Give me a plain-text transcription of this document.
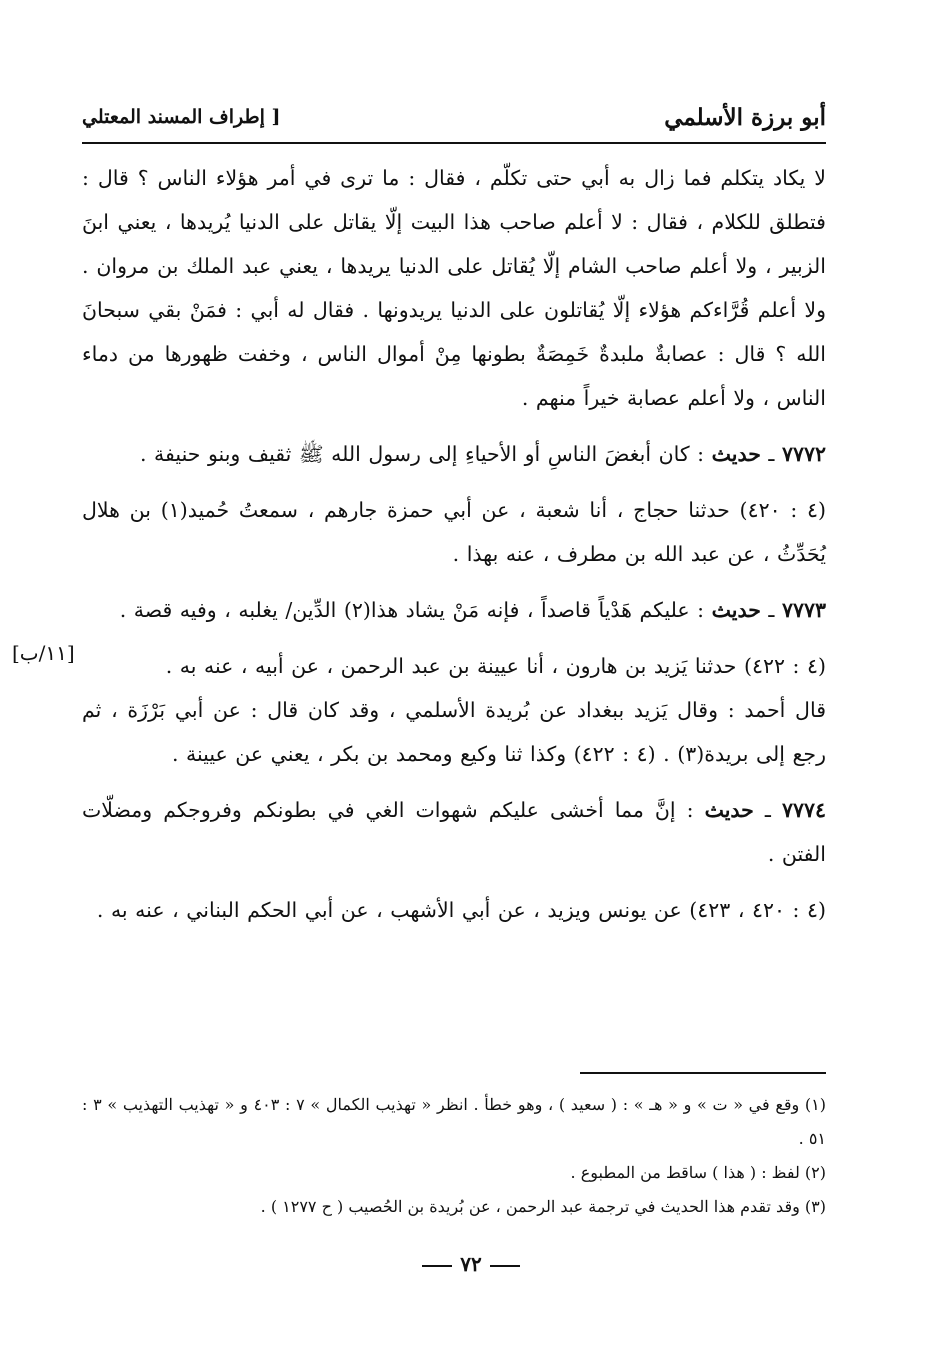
أبو برزة الأسلمي
[ إطراف المسند المعتلي
[١١/ب]

لا يكاد يتكلم فما زال به أبي حتى تكلّم ، فقال : ما ترى في أمر هؤلاء الناس ؟ قال : فتطلق للكلام ، فقال : لا أعلم صاحب هذا البيت إلّا يقاتل على الدنيا يُريدها ، يعني ابنَ الزبير ، ولا أعلم صاحب الشام إلّا يُقاتل على الدنيا يريدها ، يعني عبد الملك بن مروان . ولا أعلم قُرَّاءكم هؤلاء إلّا يُقاتلون على الدنيا يريدونها . فقال له أبي : فمَنْ بقي سبحانَ الله ؟ قال : عصابةٌ ملبدةٌ خَمِصَةٌ بطونها مِنْ أموال الناس ، وخفت ظهورها من دماء الناس ، ولا أعلم عصابة خيراً منهم .

٧٧٧٢ ـ حديث : كان أبغضَ الناسِ أو الأحياءِ إلى رسول الله ﷺ ثقيف وبنو حنيفة .

(٤ : ٤٢٠) حدثنا حجاج ، أنا شعبة ، عن أبي حمزة جارهم ، سمعتُ حُميد(١) بن هلال يُحَدِّثُ ، عن عبد الله بن مطرف ، عنه بهذا .

٧٧٧٣ ـ حديث : عليكم هَدْياً قاصداً ، فإنه مَنْ يشاد هذا(٢) الدِّين/ يغلبه ، وفيه قصة .

(٤ : ٤٢٢) حدثنا يَزيد بن هارون ، أنا عيينة بن عبد الرحمن ، عن أبيه ، عنه به .

قال أحمد : وقال يَزيد ببغداد عن بُريدة الأسلمي ، وقد كان قال : عن أبي بَرْزَة ، ثم رجع إلى بريدة(٣) . (٤ : ٤٢٢) وكذا ثنا وكيع ومحمد بن بكر ، يعني عن عيينة .

٧٧٧٤ ـ حديث : إنَّ مما أخشى عليكم شهوات الغي في بطونكم وفروجكم ومضلّات الفتن .

(٤ : ٤٢٠ ، ٤٢٣) عن يونس ويزيد ، عن أبي الأشهب ، عن أبي الحكم البناني ، عنه به .

(١) وقع في « ت » و « هـ » : ( سعيد ) ، وهو خطأ . انظر « تهذيب الكمال » ٧ : ٤٠٣ و « تهذيب التهذيب » ٣ : ٥١ .

(٢) لفظ : ( هذا ) ساقط من المطبوع .

(٣) وقد تقدم هذا الحديث في ترجمة عبد الرحمن ، عن بُريدة بن الحُصيب ( ح ١٢٧٧ ) .

٧٢
